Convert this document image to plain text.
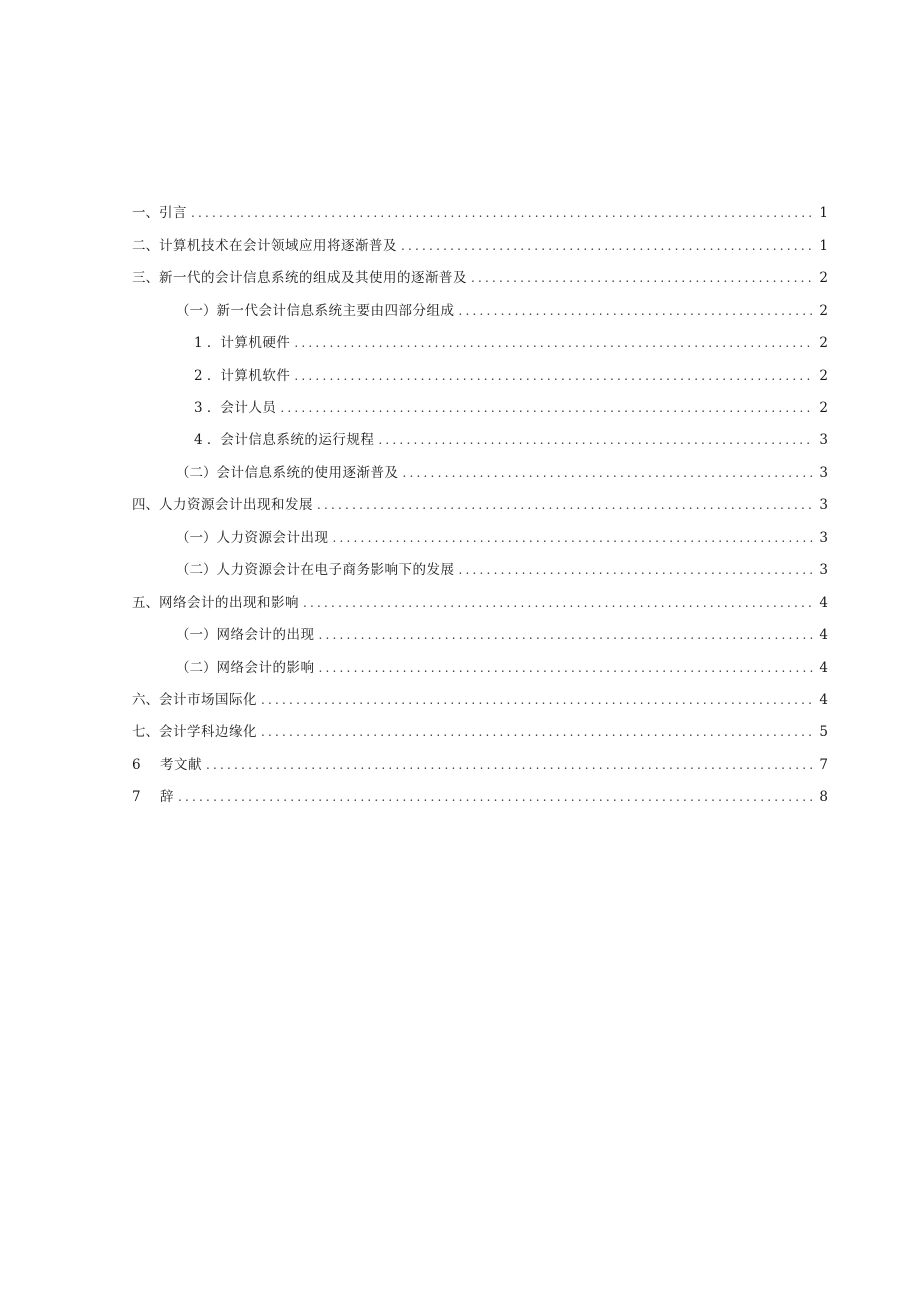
一、 引言 .....	1
二、 计算机技术在会计领域应用将逐渐普及 .....	1
三、 新一代的会计信息系统的组成及其使用的逐渐普及 .....	2
（一） 新一代会计信息系统主要由四部分组成 .....	2
1 ． 计算机硬件 .....	2
2 ． 计算机软件 .....	2
3 ． 会计人员 .....	2
4 ． 会计信息系统的运行规程 .....	3
（二） 会计信息系统的使用逐渐普及 .....	3
四、 人力资源会计出现和发展 .....	3
（一） 人力资源会计出现 .....	3
（二） 人力资源会计在电子商务影响下的发展 .....	3
五、 网络会计的出现和影响 .....	4
（一） 网络会计的出现 .....	4
（二） 网络会计的影响 .....	4
六、 会计市场国际化 .....	4
七、 会计学科边缘化 .....	5
6	考文献 .....	7
7	辞 .....	8
